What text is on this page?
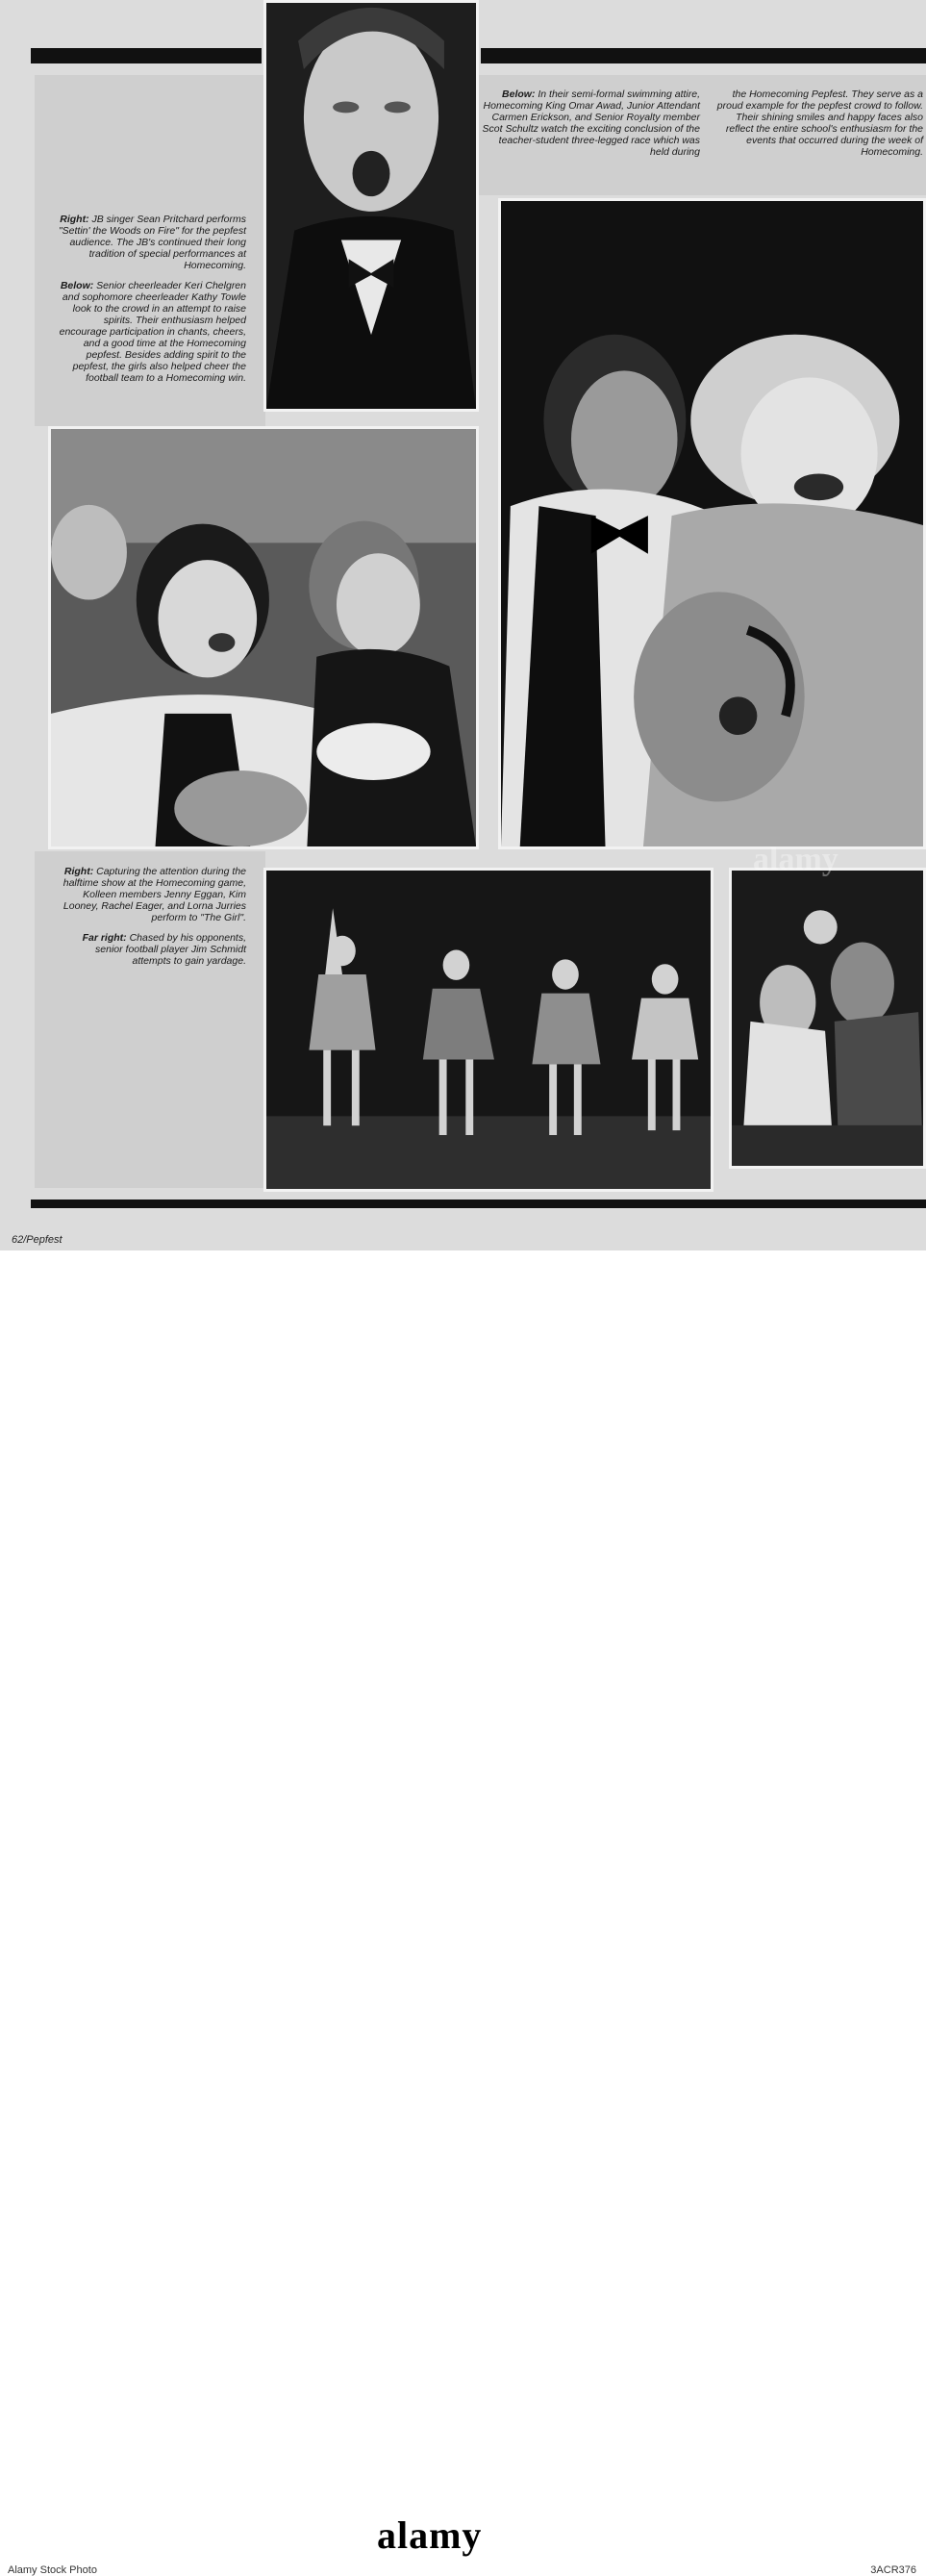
alamy

Below: In their semi-formal swimming attire, Homecoming King Omar Awad, Junior Attendant Carmen Erickson, and Senior Royalty member Scot Schultz watch the exciting conclusion of the teacher-student three-legged race which was held during

the Homecoming Pepfest. They serve as a proud example for the pepfest crowd to follow. Their shining smiles and happy faces also reflect the entire school's enthusiasm for the events that occurred during the week of Homecoming.

Right: JB singer Sean Pritchard performs "Settin' the Woods on Fire" for the pepfest audience. The JB's continued their long tradition of special performances at Homecoming.

Below: Senior cheerleader Keri Chelgren and sophomore cheerleader Kathy Towle look to the crowd in an attempt to raise spirits. Their enthusiasm helped encourage participation in chants, cheers, and a good time at the Homecoming pepfest. Besides adding spirit to the pepfest, the girls also helped cheer the football team to a Homecoming win.

Right: Capturing the attention during the halftime show at the Homecoming game, Kolleen members Jenny Eggan, Kim Looney, Rachel Eager, and Lorna Jurries perform to "The Girl".

Far right: Chased by his opponents, senior football player Jim Schmidt attempts to gain yardage.

62/Pepfest
alamy
Alamy Stock Photo	3ACR376
